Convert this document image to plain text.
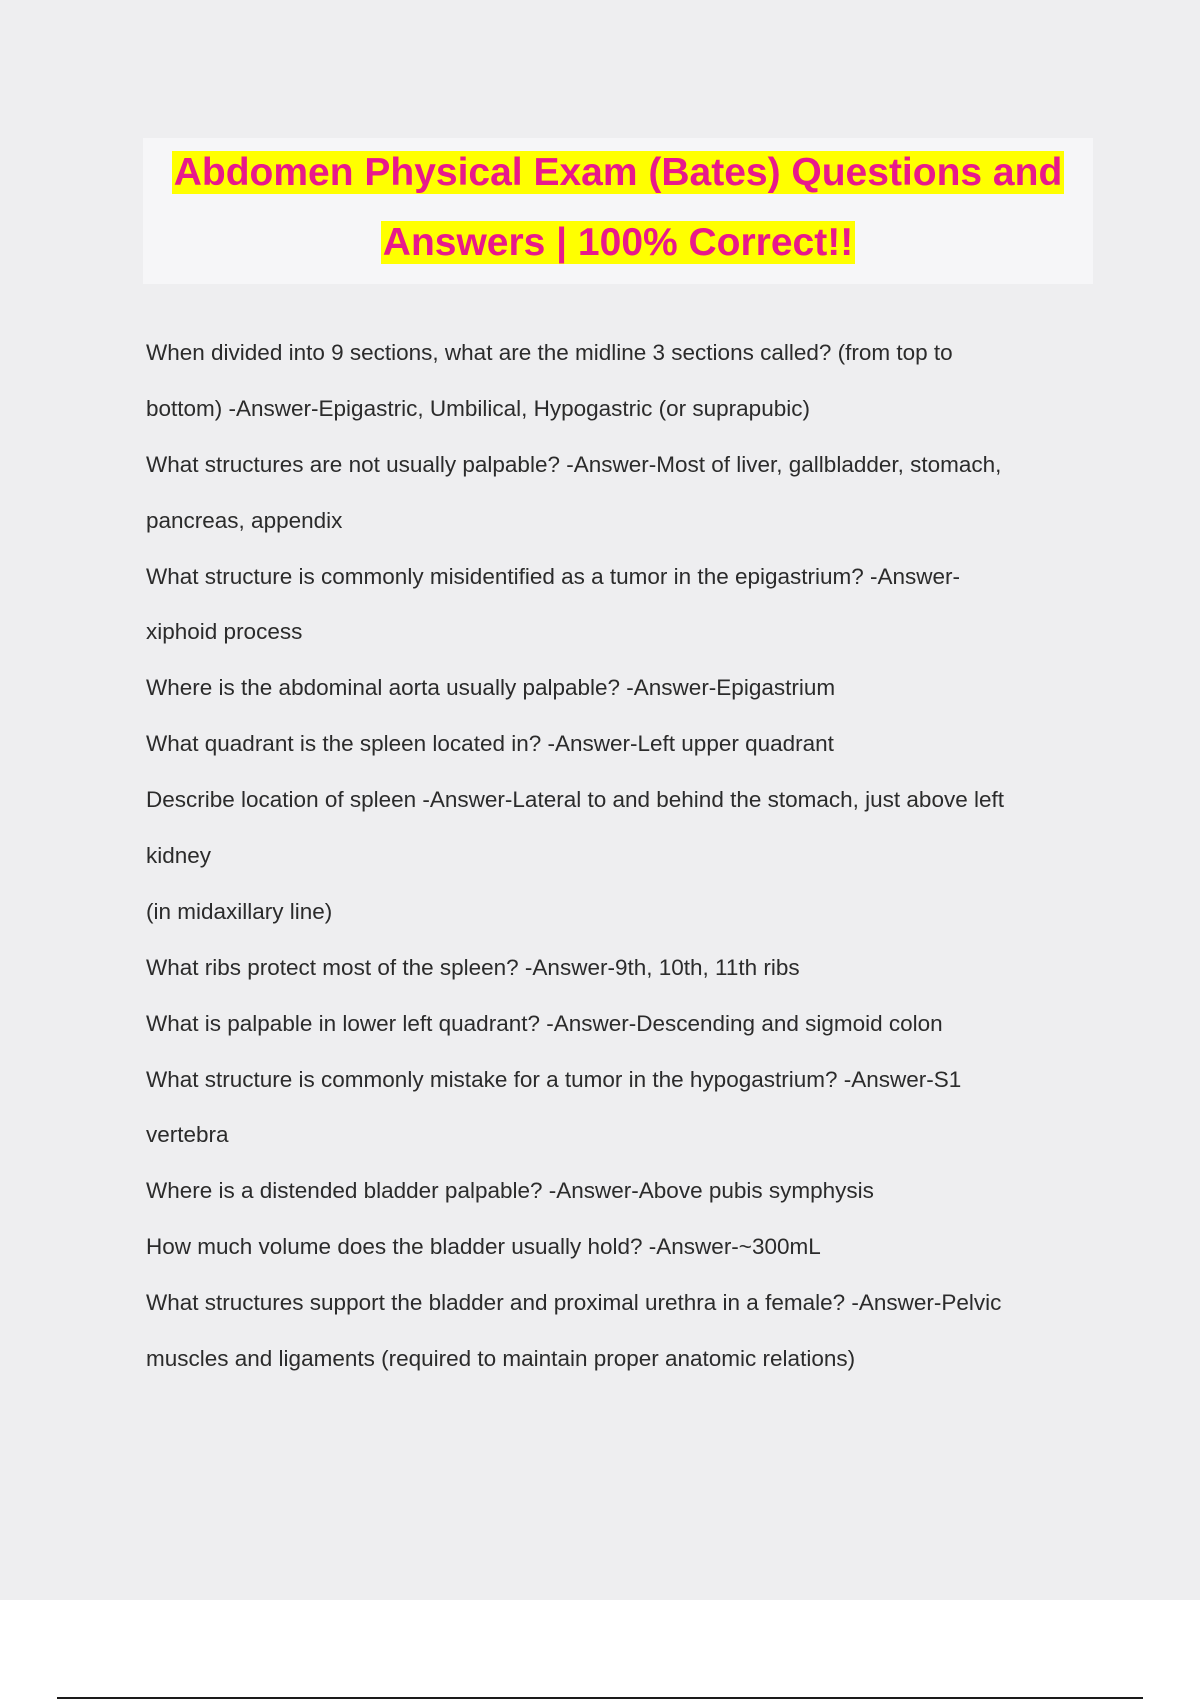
Abdomen Physical Exam (Bates) Questions and
Answers | 100% Correct!!
When divided into 9 sections, what are the midline 3 sections called? (from top to
bottom) -Answer-Epigastric, Umbilical, Hypogastric (or suprapubic)
What structures are not usually palpable? -Answer-Most of liver, gallbladder, stomach,
pancreas, appendix
What structure is commonly misidentified as a tumor in the epigastrium? -Answer-
xiphoid process
Where is the abdominal aorta usually palpable? -Answer-Epigastrium
What quadrant is the spleen located in? -Answer-Left upper quadrant
Describe location of spleen -Answer-Lateral to and behind the stomach, just above left
kidney
(in midaxillary line)
What ribs protect most of the spleen? -Answer-9th, 10th, 11th ribs
What is palpable in lower left quadrant? -Answer-Descending and sigmoid colon
What structure is commonly mistake for a tumor in the hypogastrium? -Answer-S1
vertebra
Where is a distended bladder palpable? -Answer-Above pubis symphysis
How much volume does the bladder usually hold? -Answer-~300mL
What structures support the bladder and proximal urethra in a female? -Answer-Pelvic
muscles and ligaments (required to maintain proper anatomic relations)
